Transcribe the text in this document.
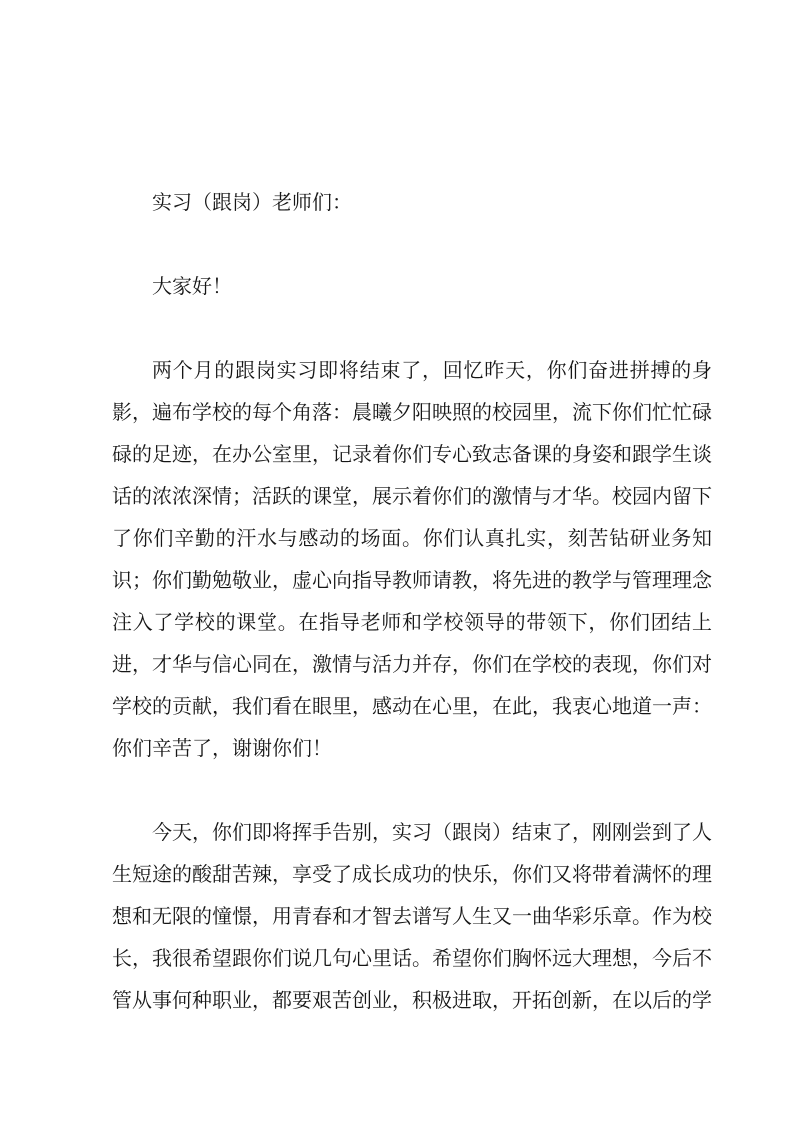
实习（跟岗）老师们：

大家好！

两个月的跟岗实习即将结束了，回忆昨天，你们奋进拼搏的身影，遍布学校的每个角落：晨曦夕阳映照的校园里，流下你们忙忙碌碌的足迹，在办公室里，记录着你们专心致志备课的身姿和跟学生谈话的浓浓深情；活跃的课堂，展示着你们的激情与才华。校园内留下了你们辛勤的汗水与感动的场面。你们认真扎实，刻苦钻研业务知识；你们勤勉敬业，虚心向指导教师请教，将先进的教学与管理理念注入了学校的课堂。在指导老师和学校领导的带领下，你们团结上进，才华与信心同在，激情与活力并存，你们在学校的表现，你们对学校的贡献，我们看在眼里，感动在心里，在此，我衷心地道一声：你们辛苦了，谢谢你们！

今天，你们即将挥手告别，实习（跟岗）结束了，刚刚尝到了人生短途的酸甜苦辣，享受了成长成功的快乐，你们又将带着满怀的理想和无限的憧憬，用青春和才智去谱写人生又一曲华彩乐章。作为校长，我很希望跟你们说几句心里话。希望你们胸怀远大理想，今后不管从事何种职业，都要艰苦创业，积极进取，开拓创新，在以后的学
